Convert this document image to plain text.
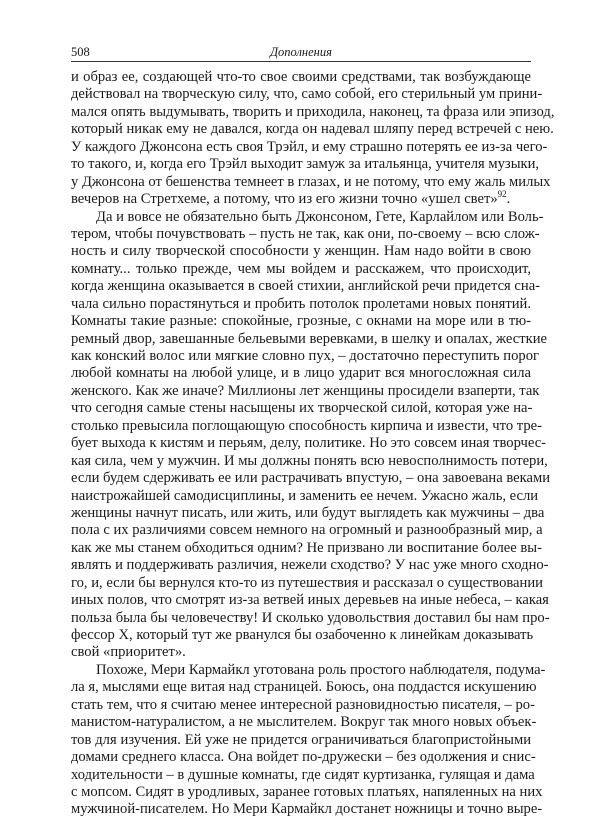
508	Дополнения
и образ ее, создающей что-то свое своими средствами, так возбуждающе
действовал на творческую силу, что, само собой, его стерильный ум прини-
мался опять выдумывать, творить и приходила, наконец, та фраза или эпизод,
который никак ему не давался, когда он надевал шляпу перед встречей с нею.
У каждого Джонсона есть своя Трэйл, и ему страшно потерять ее из-за чего-
то такого, и, когда его Трэйл выходит замуж за итальянца, учителя музыки,
у Джонсона от бешенства темнеет в глазах, и не потому, что ему жаль милых
вечеров на Стретхеме, а потому, что из его жизни точно «ушел свет»$^{92}$.
Да и вовсе не обязательно быть Джонсоном, Гете, Карлайлом или Воль-
тером, чтобы почувствовать – пусть не так, как они, по-своему – всю слож-
ность и силу творческой способности у женщин. Нам надо войти в свою
комнату... только прежде, чем мы войдем и расскажем, что происходит,
когда женщина оказывается в своей стихии, английской речи придется сна-
чала сильно порастянуться и пробить потолок пролетами новых понятий.
Комнаты такие разные: спокойные, грозные, с окнами на море или в тю-
ремный двор, завешанные бельевыми веревками, в шелку и опалах, жесткие
как конский волос или мягкие словно пух, – достаточно переступить порог
любой комнаты на любой улице, и в лицо ударит вся многосложная сила
женского. Как же иначе? Миллионы лет женщины просидели взаперти, так
что сегодня самые стены насыщены их творческой силой, которая уже на-
столько превысила поглощающую способность кирпича и извести, что тре-
бует выхода к кистям и перьям, делу, политике. Но это совсем иная творчес-
кая сила, чем у мужчин. И мы должны понять всю невосполнимость потери,
если будем сдерживать ее или растрачивать впустую, – она завоевана веками
наистрожайшей самодисциплины, и заменить ее нечем. Ужасно жаль, если
женщины начнут писать, или жить, или будут выглядеть как мужчины – два
пола с их различиями совсем немного на огромный и разнообразный мир, а
как же мы станем обходиться одним? Не призвано ли воспитание более вы-
являть и поддерживать различия, нежели сходство? У нас уже много сходно-
го, и, если бы вернулся кто-то из путешествия и рассказал о существовании
иных полов, что смотрят из-за ветвей иных деревьев на иные небеса, – какая
польза была бы человечеству! И сколько удовольствия доставил бы нам про-
фессор X, который тут же рванулся бы озабоченно к линейкам доказывать
свой «приоритет».
Похоже, Мери Кармайкл уготована роль простого наблюдателя, подума-
ла я, мыслями еще витая над страницей. Боюсь, она поддастся искушению
стать тем, что я считаю менее интересной разновидностью писателя, – ро-
манистом-натуралистом, а не мыслителем. Вокруг так много новых объек-
тов для изучения. Ей уже не придется ограничиваться благопристойными
домами среднего класса. Она войдет по-дружески – без одолжения и снис-
ходительности – в душные комнаты, где сидят куртизанка, гулящая и дама
с мопсом. Сидят в уродливых, заранее готовых платьях, напяленных на них
мужчиной-писателем. Но Мери Кармайкл достанет ножницы и точно выре-
